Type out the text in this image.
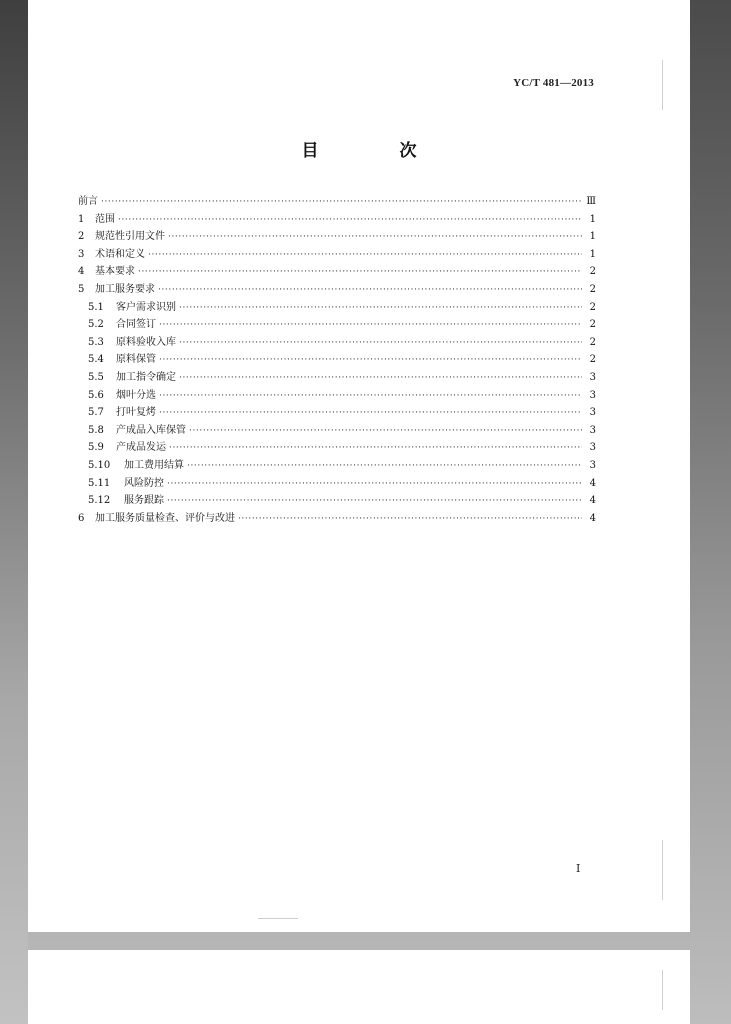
YC/T 481—2013
目　次
前言 ·····	Ⅲ
1	范围 ·····	1
2	规范性引用文件 ·····	1
3	术语和定义 ·····	1
4	基本要求 ·····	2
5	加工服务要求 ·····	2
5.1	客户需求识别 ·····	2
5.2	合同签订 ·····	2
5.3	原料验收入库 ·····	2
5.4	原料保管 ·····	2
5.5	加工指令确定 ·····	3
5.6	烟叶分选 ·····	3
5.7	打叶复烤 ·····	3
5.8	产成品入库保管 ·····	3
5.9	产成品发运 ·····	3
5.10	加工费用结算 ·····	3
5.11	风险防控 ·····	4
5.12	服务跟踪 ·····	4
6	加工服务质量检查、评价与改进 ·····	4
I
